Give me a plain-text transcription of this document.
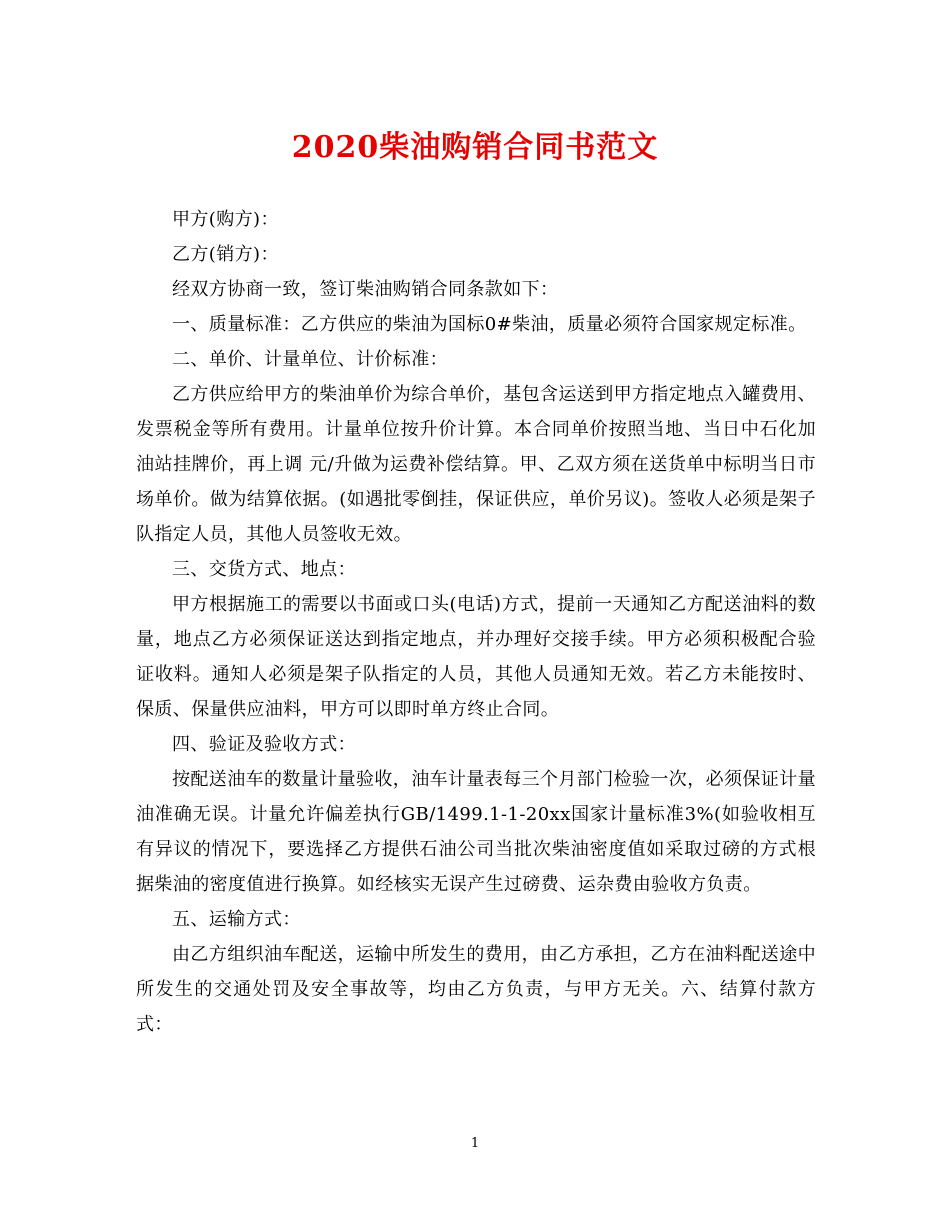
2020柴油购销合同书范文

甲方(购方)：

乙方(销方)：

经双方协商一致，签订柴油购销合同条款如下：

一、质量标准：乙方供应的柴油为国标0#柴油，质量必须符合国家规定标准。

二、单价、计量单位、计价标准：

乙方供应给甲方的柴油单价为综合单价，基包含运送到甲方指定地点入罐费用、发票税金等所有费用。计量单位按升价计算。本合同单价按照当地、当日中石化加油站挂牌价，再上调 元/升做为运费补偿结算。甲、乙双方须在送货单中标明当日市场单价。做为结算依据。(如遇批零倒挂，保证供应，单价另议)。签收人必须是架子队指定人员，其他人员签收无效。

三、交货方式、地点：

甲方根据施工的需要以书面或口头(电话)方式，提前一天通知乙方配送油料的数量，地点乙方必须保证送达到指定地点，并办理好交接手续。甲方必须积极配合验证收料。通知人必须是架子队指定的人员，其他人员通知无效。若乙方未能按时、保质、保量供应油料，甲方可以即时单方终止合同。

四、验证及验收方式：

按配送油车的数量计量验收，油车计量表每三个月部门检验一次，必须保证计量油准确无误。计量允许偏差执行GB/1499.1-1-20xx国家计量标准3%(如验收相互有异议的情况下，要选择乙方提供石油公司当批次柴油密度值如采取过磅的方式根据柴油的密度值进行换算。如经核实无误产生过磅费、运杂费由验收方负责。

五、运输方式：

由乙方组织油车配送，运输中所发生的费用，由乙方承担，乙方在油料配送途中所发生的交通处罚及安全事故等，均由乙方负责，与甲方无关。六、结算付款方式：

1
